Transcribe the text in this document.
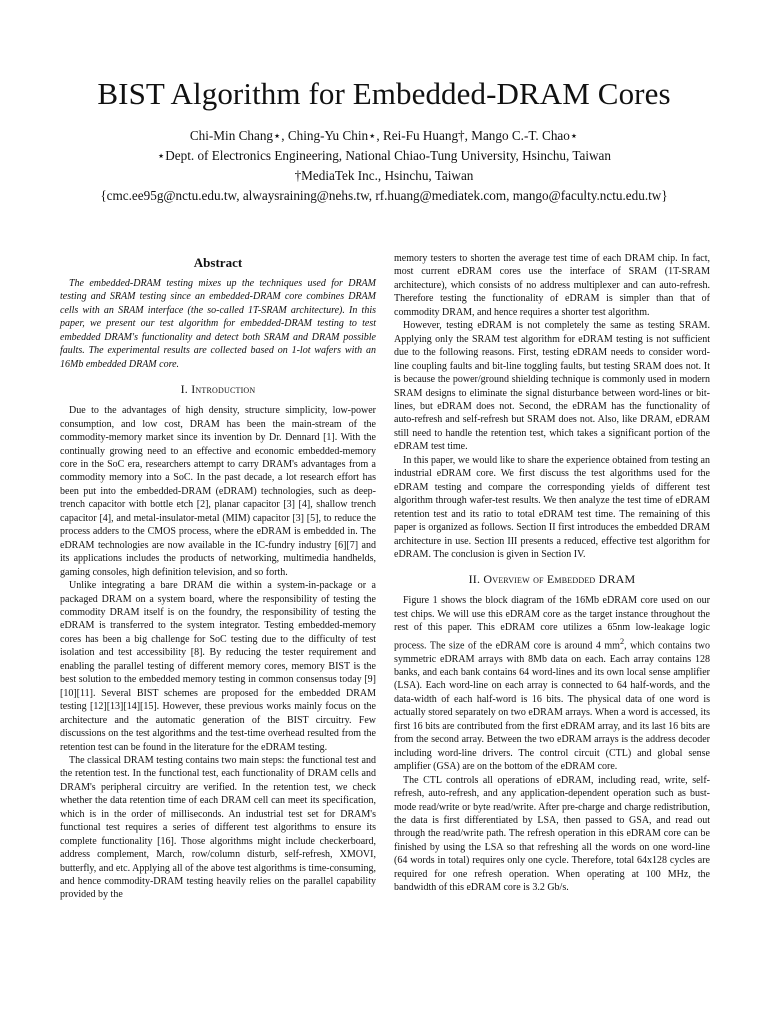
BIST Algorithm for Embedded-DRAM Cores
Chi-Min Chang⋆, Ching-Yu Chin⋆, Rei-Fu Huang†, Mango C.-T. Chao⋆
⋆Dept. of Electronics Engineering, National Chiao-Tung University, Hsinchu, Taiwan
†MediaTek Inc., Hsinchu, Taiwan
{cmc.ee95g@nctu.edu.tw, alwaysraining@nehs.tw, rf.huang@mediatek.com, mango@faculty.nctu.edu.tw}
Abstract

The embedded-DRAM testing mixes up the techniques used for DRAM testing and SRAM testing since an embedded-DRAM core combines DRAM cells with an SRAM interface (the so-called 1T-SRAM architecture). In this paper, we present our test algorithm for embedded-DRAM testing to test embedded DRAM's functionality and detect both SRAM and DRAM possible faults. The experimental results are collected based on 1-lot wafers with an 16Mb embedded DRAM core.

I. Introduction

Due to the advantages of high density, structure simplicity, low-power consumption, and low cost, DRAM has been the main-stream of the commodity-memory market since its invention by Dr. Dennard [1]. With the continually growing need to an effective and economic embedded-memory core in the SoC era, researchers attempt to carry DRAM's advantages from a commodity memory into a SoC. In the past decade, a lot research effort has been put into the embedded-DRAM (eDRAM) technologies, such as deep-trench capacitor with bottle etch [2], planar capacitor [3] [4], shallow trench capacitor [4], and metal-insulator-metal (MIM) capacitor [3] [5], to reduce the process adders to the CMOS process, where the eDRAM is embedded in. The eDRAM technologies are now available in the IC-fundry industry [6][7] and its applications includes the products of networking, multimedia handhelds, gaming consoles, high definition television, and so forth.

Unlike integrating a bare DRAM die within a system-in-package or a packaged DRAM on a system board, where the responsibility of testing the commodity DRAM itself is on the foundry, the responsibility of testing the eDRAM is transferred to the system integrator. Testing embedded-memory cores has been a big challenge for SoC testing due to the difficulty of test isolation and test accessibility [8]. By reducing the tester requirement and enabling the parallel testing of different memory cores, memory BIST is the best solution to the embedded memory testing in common consensus today [9][10][11]. Several BIST schemes are proposed for the embedded DRAM testing [12][13][14][15]. However, these previous works mainly focus on the architecture and the automatic generation of the BIST circuitry. Few discussions on the test algorithms and the test-time overhead resulted from the retention test can be found in the literature for the eDRAM testing.

The classical DRAM testing contains two main steps: the functional test and the retention test. In the functional test, each functionality of DRAM cells and DRAM's peripheral circuitry are verified. In the retention test, we check whether the data retention time of each DRAM cell can meet its specification, which is in the order of milliseconds. An industrial test set for DRAM's functional test requires a series of different test algorithms to ensure its complete functionality [16]. Those algorithms might include checkerboard, address complement, March, row/column disturb, self-refresh, XMOVI, butterfly, and etc. Applying all of the above test algorithms is time-consuming, and hence commodity-DRAM testing heavily relies on the parallel capability provided by the

memory testers to shorten the average test time of each DRAM chip. In fact, most current eDRAM cores use the interface of SRAM (1T-SRAM architecture), which consists of no address multiplexer and can auto-refresh. Therefore testing the functionality of eDRAM is simpler than that of commodity DRAM, and hence requires a shorter test algorithm.

However, testing eDRAM is not completely the same as testing SRAM. Applying only the SRAM test algorithm for eDRAM testing is not sufficient due to the following reasons. First, testing eDRAM needs to consider word-line coupling faults and bit-line toggling faults, but testing SRAM does not. It is because the power/ground shielding technique is commonly used in modern SRAM designs to eliminate the signal disturbance between word-lines or bit-lines, but eDRAM does not. Second, the eDRAM has the functionality of auto-refresh and self-refresh but SRAM does not. Also, like DRAM, eDRAM still need to handle the retention test, which takes a significant portion of the eDRAM test time.

In this paper, we would like to share the experience obtained from testing an industrial eDRAM core. We first discuss the test algorithms used for the eDRAM testing and compare the corresponding yields of different test algorithm through wafer-test results. We then analyze the test time of eDRAM retention test and its ratio to total eDRAM test time. The remaining of this paper is organized as follows. Section II first introduces the embedded DRAM architecture in use. Section III presents a reduced, effective test algorithm for eDRAM. The conclusion is given in Section IV.

II. Overview of Embedded DRAM

Figure 1 shows the block diagram of the 16Mb eDRAM core used on our test chips. We will use this eDRAM core as the target instance throughout the rest of this paper. This eDRAM core utilizes a 65nm low-leakage logic process. The size of the eDRAM core is around 4 $mm^2$, which contains two symmetric eDRAM arrays with 8Mb data on each. Each array contains 128 banks, and each bank contains 64 word-lines and its own local sense amplifier (LSA). Each word-line on each array is connected to 64 half-words, and the data-width of each half-word is 16 bits. The physical data of one word is actually stored separately on two eDRAM arrays. When a word is accessed, its first 16 bits are contributed from the first eDRAM array, and its last 16 bits are from the second array. Between the two eDRAM arrays is the address decoder including word-line drivers. The control circuit (CTL) and global sense amplifier (GSA) are on the bottom of the eDRAM core.

The CTL controls all operations of eDRAM, including read, write, self-refresh, auto-refresh, and any application-dependent operation such as bust-mode read/write or byte read/write. After pre-charge and charge redistribution, the data is first differentiated by LSA, then passed to GSA, and read out through the read/write path. The refresh operation in this eDRAM core can be finished by using the LSA so that refreshing all the words on one word-line (64 words in total) requires only one cycle. Therefore, total 64x128 cycles are required for one refresh operation. When operating at 100 MHz, the bandwidth of this eDRAM core is 3.2 Gb/s.
